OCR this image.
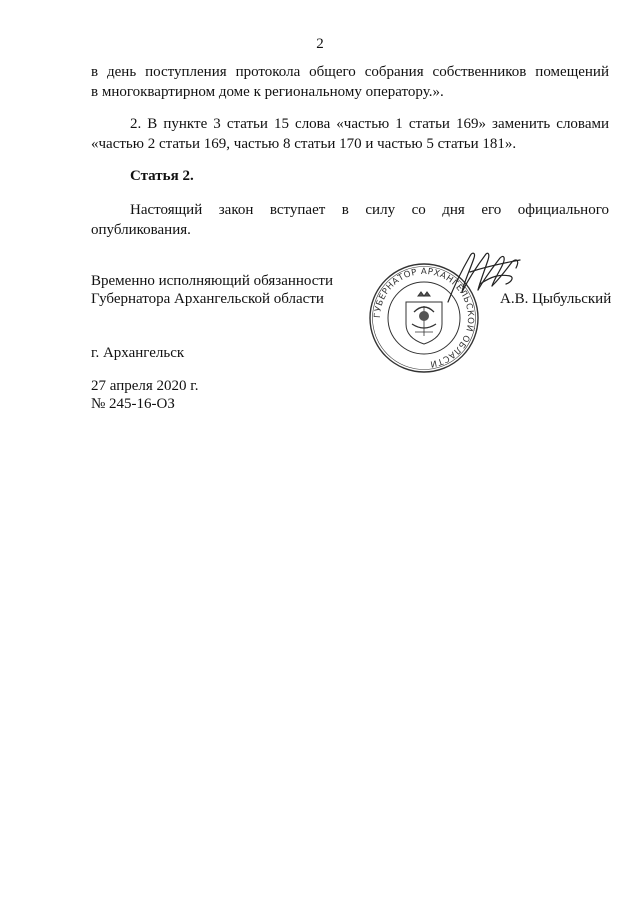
2
в день поступления протокола общего собрания собственников помещений
в многоквартирном доме к региональному оператору.».
2. В пункте 3 статьи 15 слова «частью 1 статьи 169» заменить словами
«частью 2 статьи 169, частью 8 статьи 170 и частью 5 статьи 181».
Статья 2.
Настоящий закон вступает в силу со дня его официального
опубликования.
Временно исполняющий обязанности
Губернатора Архангельской области
ГУБЕРНАТОР АРХАНГЕЛЬСКОЙ ОБЛАСТИ
А.В. Цыбульский
г. Архангельск
27 апреля 2020 г.
№ 245-16-ОЗ
